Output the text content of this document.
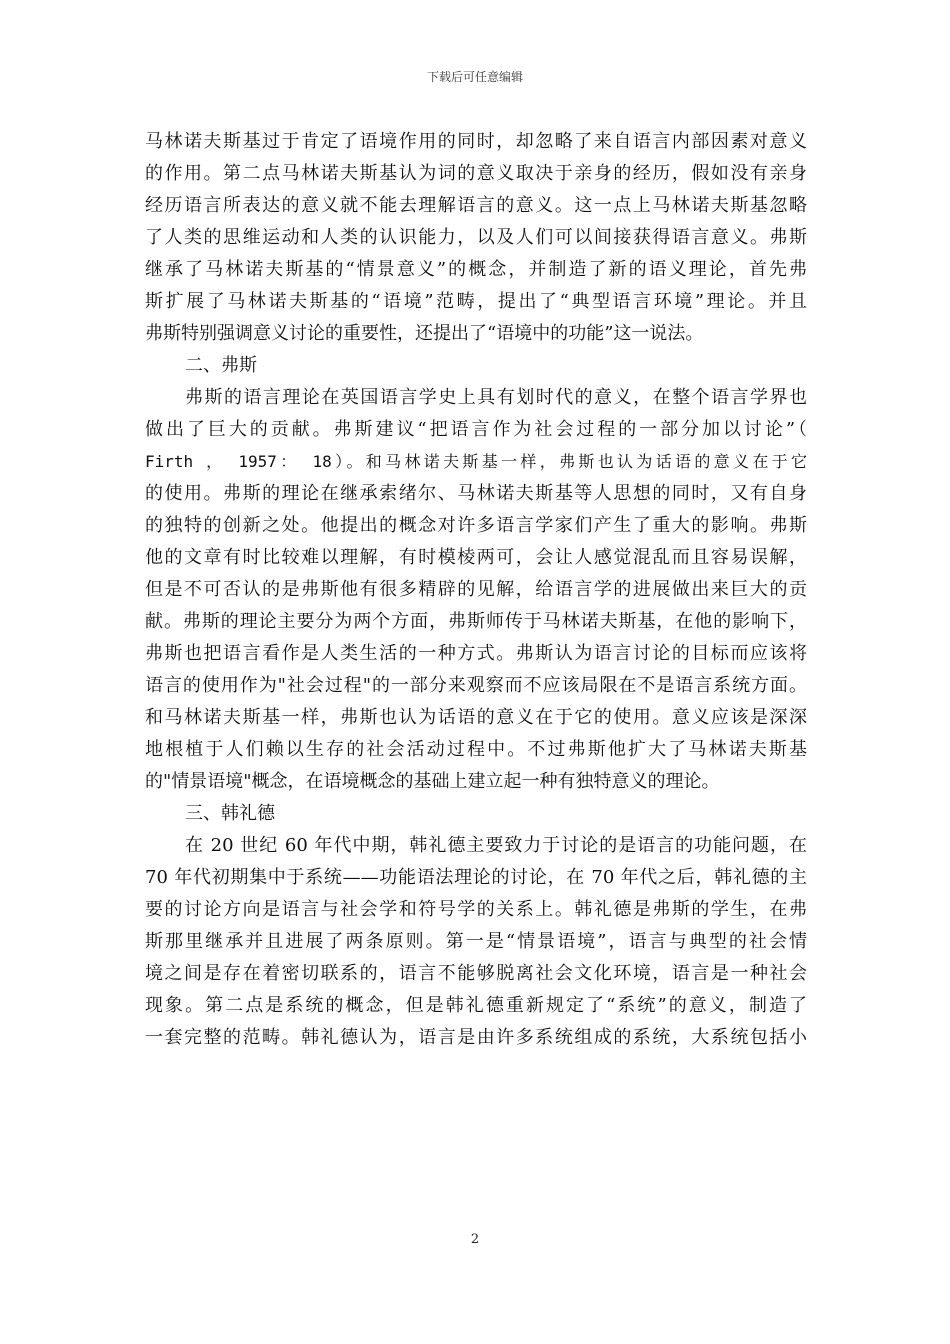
下载后可任意编辑
马林诺夫斯基过于肯定了语境作用的同时，却忽略了来自语言内部因素对意义
的作用。第二点马林诺夫斯基认为词的意义取决于亲身的经历，假如没有亲身
经历语言所表达的意义就不能去理解语言的意义。这一点上马林诺夫斯基忽略
了人类的思维运动和人类的认识能力，以及人们可以间接获得语言意义。弗斯
继承了马林诺夫斯基的“情景意义”的概念，并制造了新的语义理论，首先弗
斯扩展了马林诺夫斯基的“语境”范畴，提出了“典型语言环境”理论。并且
弗斯特别强调意义讨论的重要性，还提出了“语境中的功能”这一说法。
二、弗斯
弗斯的语言理论在英国语言学史上具有划时代的意义，在整个语言学界也
做出了巨大的贡献。弗斯建议“把语言作为社会过程的一部分加以讨论”（
Firth ， 1957： 18）。和马林诺夫斯基一样，弗斯也认为话语的意义在于它
的使用。弗斯的理论在继承索绪尔、马林诺夫斯基等人思想的同时，又有自身
的独特的创新之处。他提出的概念对许多语言学家们产生了重大的影响。弗斯
他的文章有时比较难以理解，有时模棱两可，会让人感觉混乱而且容易误解，
但是不可否认的是弗斯他有很多精辟的见解，给语言学的进展做出来巨大的贡
献。弗斯的理论主要分为两个方面，弗斯师传于马林诺夫斯基，在他的影响下，
弗斯也把语言看作是人类生活的一种方式。弗斯认为语言讨论的目标而应该将
语言的使用作为"社会过程"的一部分来观察而不应该局限在不是语言系统方面。
和马林诺夫斯基一样，弗斯也认为话语的意义在于它的使用。意义应该是深深
地根植于人们赖以生存的社会活动过程中。不过弗斯他扩大了马林诺夫斯基
的"情景语境"概念，在语境概念的基础上建立起一种有独特意义的理论。
三、韩礼德
在 20 世纪 60 年代中期，韩礼德主要致力于讨论的是语言的功能问题，在
70 年代初期集中于系统——功能语法理论的讨论，在 70 年代之后，韩礼德的主
要的讨论方向是语言与社会学和符号学的关系上。韩礼德是弗斯的学生，在弗
斯那里继承并且进展了两条原则。第一是“情景语境”，语言与典型的社会情
境之间是存在着密切联系的，语言不能够脱离社会文化环境，语言是一种社会
现象。第二点是系统的概念，但是韩礼德重新规定了“系统”的意义，制造了
一套完整的范畴。韩礼德认为，语言是由许多系统组成的系统，大系统包括小
2
